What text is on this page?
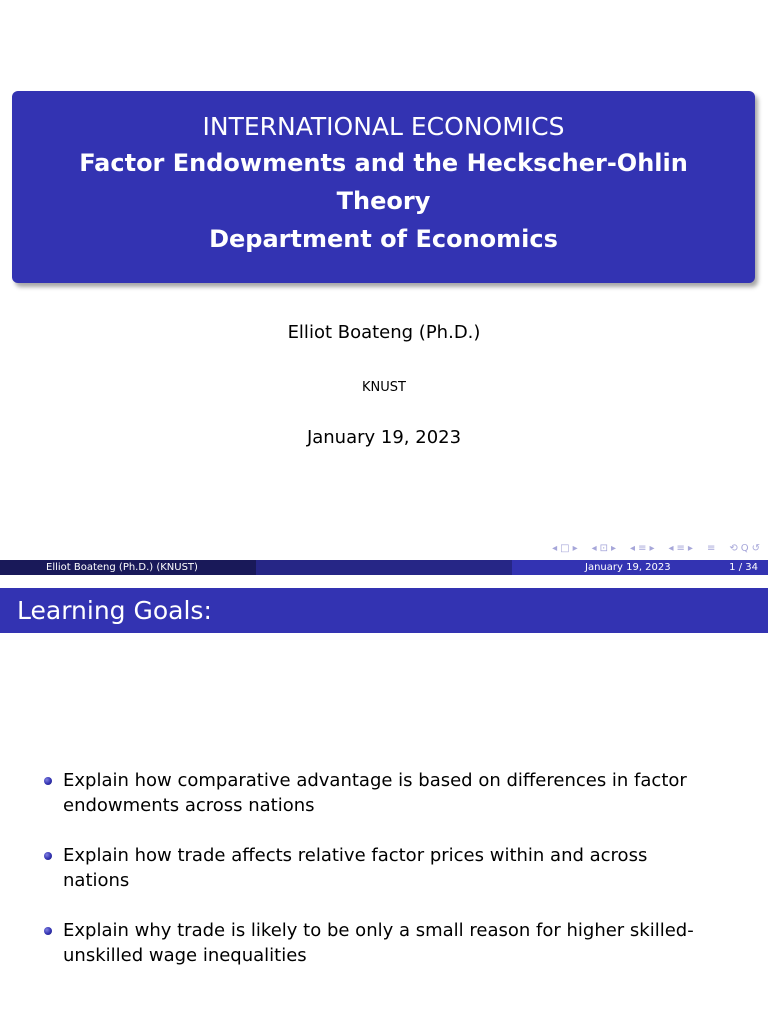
INTERNATIONAL ECONOMICS
Factor Endowments and the Heckscher-Ohlin
Theory
Department of Economics
Elliot Boateng (Ph.D.)
KNUST
January 19, 2023
◂ □ ▸ ◂ ⊡ ▸ ◂ ≡ ▸ ◂ ≡ ▸ ≡ ⟲ Q ↺
Elliot Boateng (Ph.D.) (KNUST)	January 19, 2023	1 / 34
Learning Goals:
Explain how comparative advantage is based on differences in factor endowments across nations
Explain how trade affects relative factor prices within and across nations
Explain why trade is likely to be only a small reason for higher skilled-unskilled wage inequalities
